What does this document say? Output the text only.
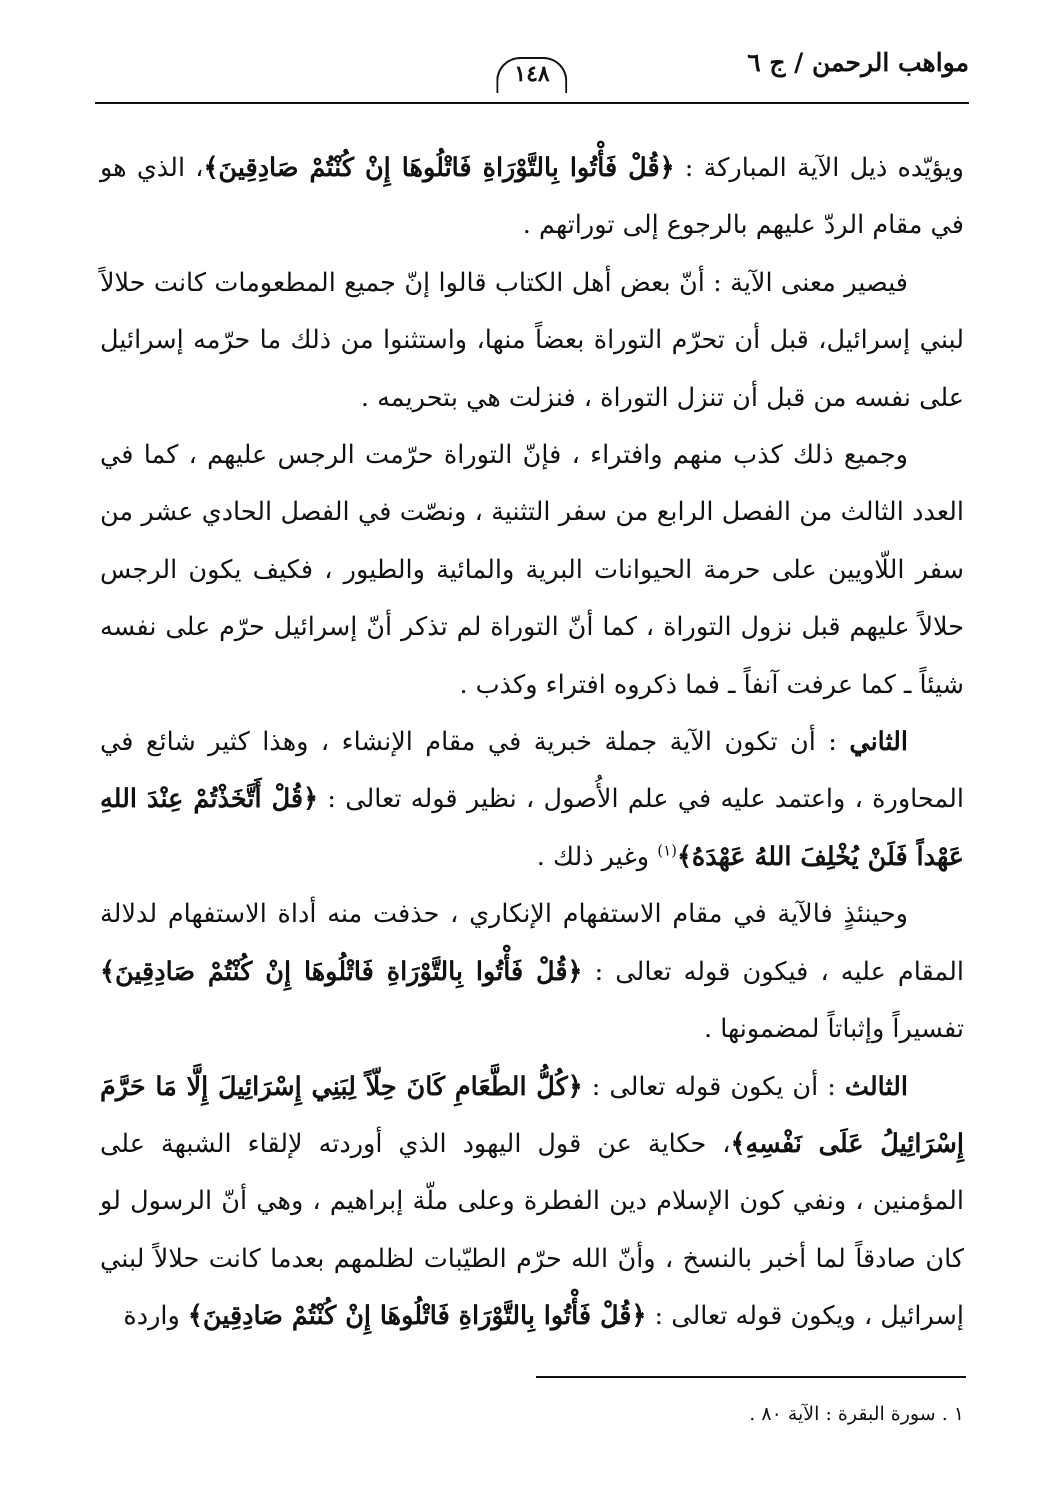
مواهب الرحمن / ج ٦
١٤٨

ويؤيّده ذيل الآية المباركة : ﴿قُلْ فَأْتُوا بِالتَّوْرَاةِ فَاتْلُوهَا إِنْ كُنْتُمْ صَادِقِينَ﴾، الذي هو في مقام الردّ عليهم بالرجوع إلى توراتهم .

فيصير معنى الآية : أنّ بعض أهل الكتاب قالوا إنّ جميع المطعومات كانت حلالاً لبني إسرائيل، قبل أن تحرّم التوراة بعضاً منها، واستثنوا من ذلك ما حرّمه إسرائيل على نفسه من قبل أن تنزل التوراة ، فنزلت هي بتحريمه .

وجميع ذلك كذب منهم وافتراء ، فإنّ التوراة حرّمت الرجس عليهم ، كما في العدد الثالث من الفصل الرابع من سفر التثنية ، ونصّت في الفصل الحادي عشر من سفر اللّاويين على حرمة الحيوانات البرية والمائية والطيور ، فكيف يكون الرجس حلالاً عليهم قبل نزول التوراة ، كما أنّ التوراة لم تذكر أنّ إسرائيل حرّم على نفسه شيئاً ـ كما عرفت آنفاً ـ فما ذكروه افتراء وكذب .

الثاني : أن تكون الآية جملة خبرية في مقام الإنشاء ، وهذا كثير شائع في المحاورة ، واعتمد عليه في علم الأُصول ، نظير قوله تعالى : ﴿قُلْ أَتَّخَذْتُمْ عِنْدَ اللهِ عَهْداً فَلَنْ يُخْلِفَ اللهُ عَهْدَهُ﴾$^{(١)}$ وغير ذلك .

وحينئذٍ فالآية في مقام الاستفهام الإنكاري ، حذفت منه أداة الاستفهام لدلالة المقام عليه ، فيكون قوله تعالى : ﴿قُلْ فَأْتُوا بِالتَّوْرَاةِ فَاتْلُوهَا إِنْ كُنْتُمْ صَادِقِينَ﴾ تفسيراً وإثباتاً لمضمونها .

الثالث : أن يكون قوله تعالى : ﴿كُلُّ الطَّعَامِ كَانَ حِلّاً لِبَنِي إِسْرَائِيلَ إِلَّا مَا حَرَّمَ إِسْرَائِيلُ عَلَى نَفْسِهِ﴾، حكاية عن قول اليهود الذي أوردته لإلقاء الشبهة على المؤمنين ، ونفي كون الإسلام دين الفطرة وعلى ملّة إبراهيم ، وهي أنّ الرسول لو كان صادقاً لما أخبر بالنسخ ، وأنّ الله حرّم الطيّبات لظلمهم بعدما كانت حلالاً لبني إسرائيل ، ويكون قوله تعالى : ﴿قُلْ فَأْتُوا بِالتَّوْرَاةِ فَاتْلُوهَا إِنْ كُنْتُمْ صَادِقِينَ﴾ واردة

١ . سورة البقرة : الآية ٨٠ .
